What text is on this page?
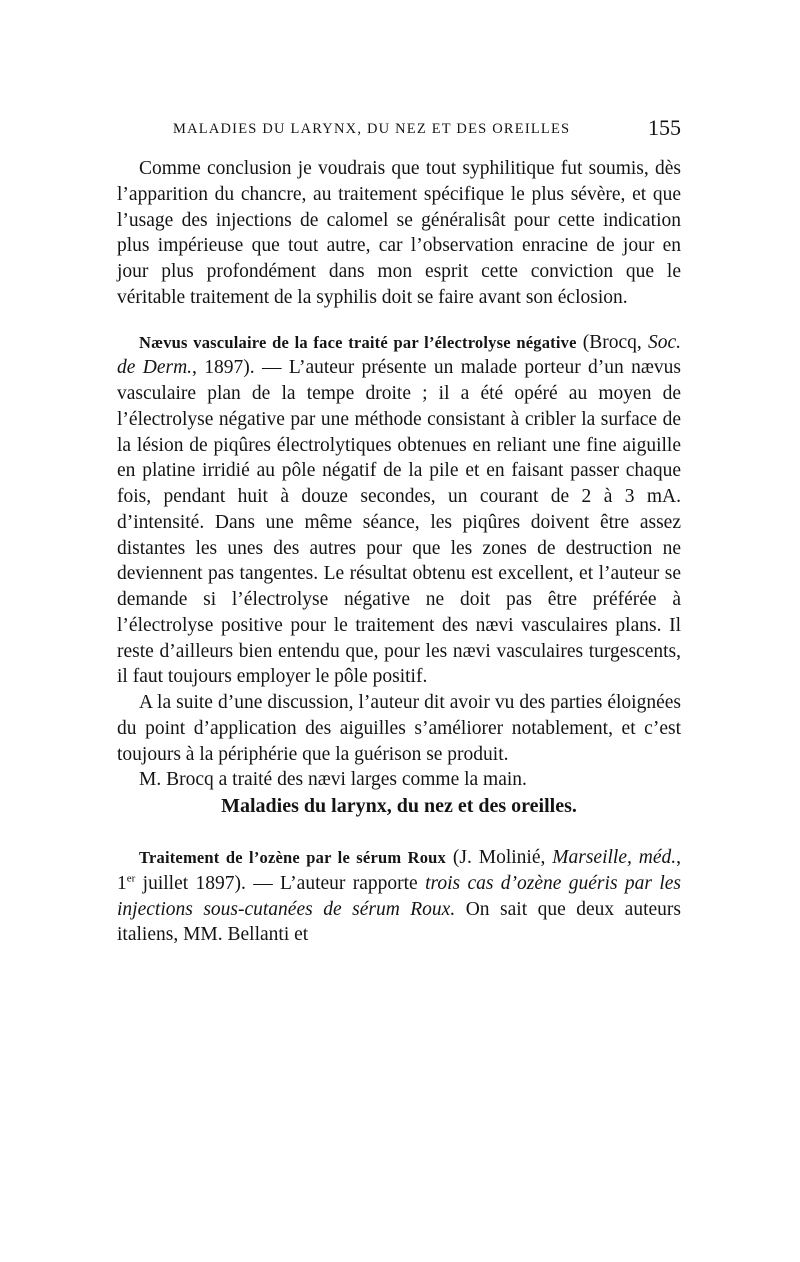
MALADIES DU LARYNX, DU NEZ ET DES OREILLES	155

Comme conclusion je voudrais que tout syphilitique fut soumis, dès l’apparition du chancre, au traitement spécifique le plus sévère, et que l’usage des injections de calomel se généralisât pour cette indication plus impérieuse que tout autre, car l’observation enracine de jour en jour plus profondément dans mon esprit cette conviction que le véritable traitement de la syphilis doit se faire avant son éclosion.

Nævus vasculaire de la face traité par l’électrolyse négative (Brocq, Soc. de Derm., 1897). — L’auteur présente un malade porteur d’un nævus vasculaire plan de la tempe droite ; il a été opéré au moyen de l’électrolyse négative par une méthode consistant à cribler la surface de la lésion de piqûres électrolytiques obtenues en reliant une fine aiguille en platine irridié au pôle négatif de la pile et en faisant passer chaque fois, pendant huit à douze secondes, un courant de 2 à 3 mA. d’intensité. Dans une même séance, les piqûres doivent être assez distantes les unes des autres pour que les zones de destruction ne deviennent pas tangentes. Le résultat obtenu est excellent, et l’auteur se demande si l’électrolyse négative ne doit pas être préférée à l’électrolyse positive pour le traitement des nævi vasculaires plans. Il reste d’ailleurs bien entendu que, pour les nævi vasculaires turgescents, il faut toujours employer le pôle positif.

A la suite d’une discussion, l’auteur dit avoir vu des parties éloignées du point d’application des aiguilles s’améliorer notablement, et c’est toujours à la périphérie que la guérison se produit.

M. Brocq a traité des nævi larges comme la main.

Maladies du larynx, du nez et des oreilles.

Traitement de l’ozène par le sérum Roux (J. Molinié, Marseille, méd., 1er juillet 1897). — L’auteur rapporte trois cas d’ozène guéris par les injections sous-cutanées de sérum Roux. On sait que deux auteurs italiens, MM. Bellanti et
